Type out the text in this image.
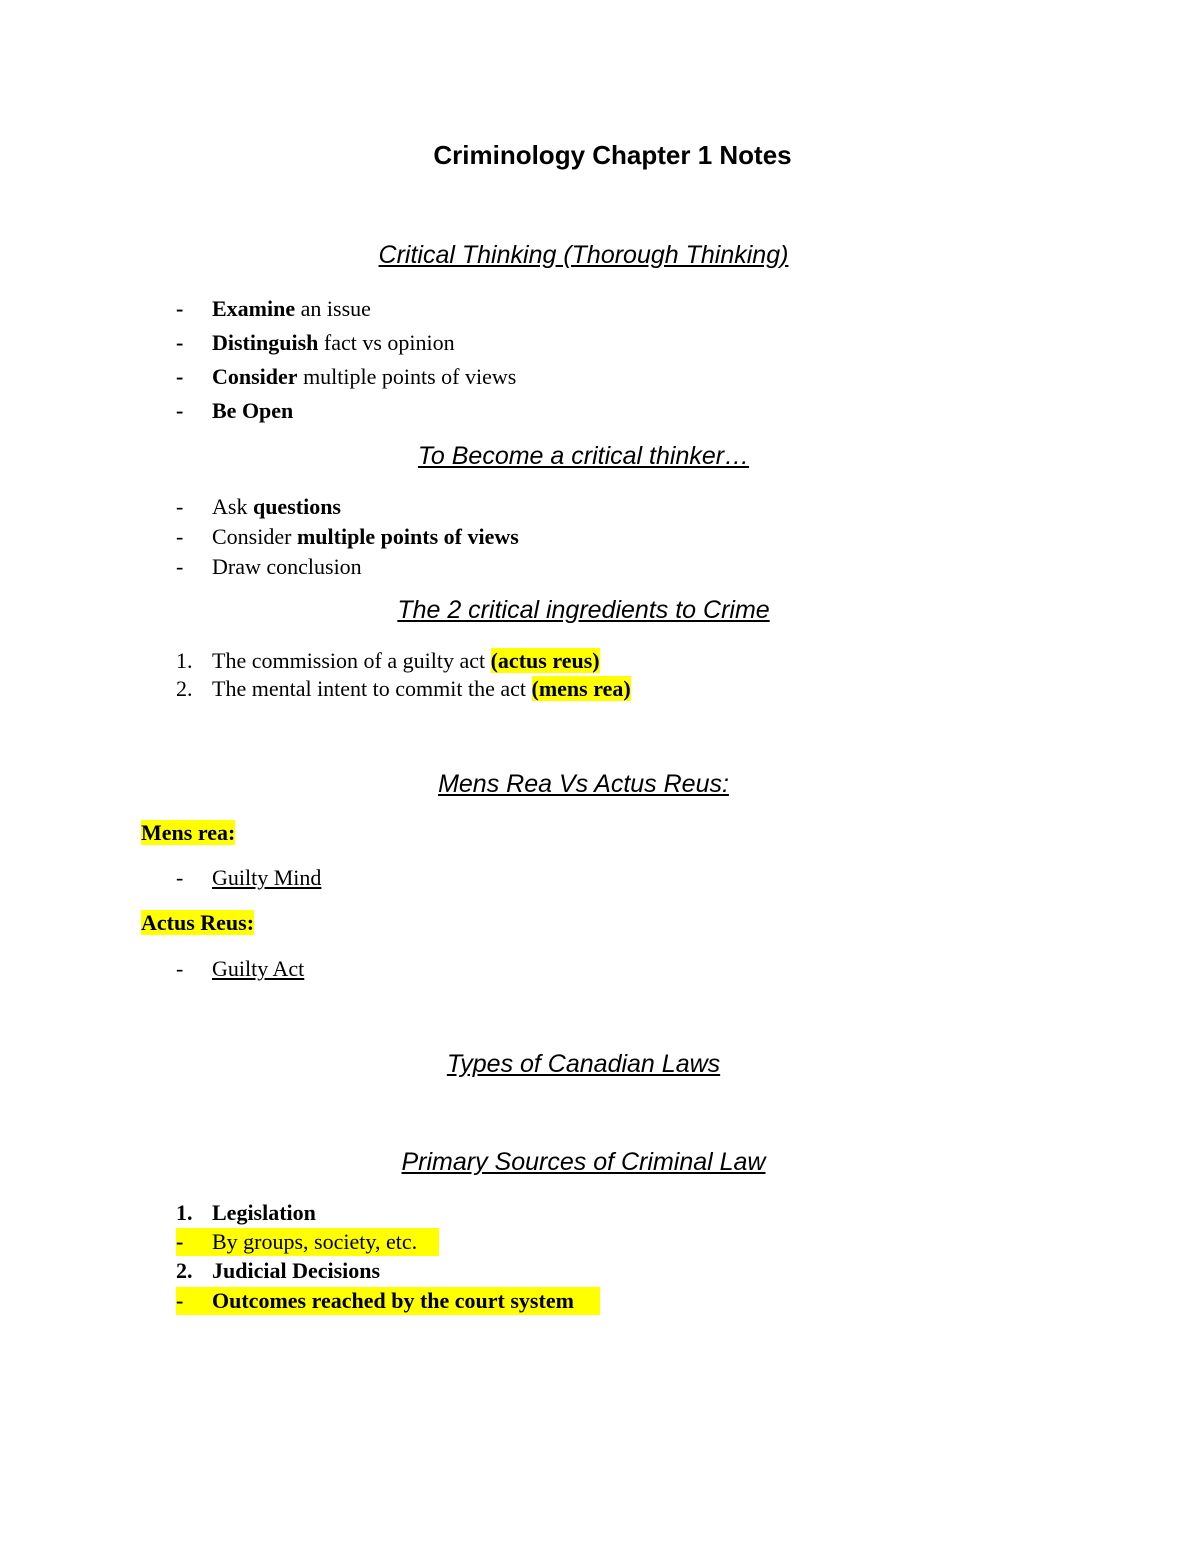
Criminology Chapter 1 Notes
Critical Thinking (Thorough Thinking)
- Examine an issue
- Distinguish fact vs opinion
- Consider multiple points of views
- Be Open
To Become a critical thinker…
- Ask questions
- Consider multiple points of views
- Draw conclusion
The 2 critical ingredients to Crime
1. The commission of a guilty act (actus reus)
2. The mental intent to commit the act (mens rea)
Mens Rea Vs Actus Reus:
Mens rea:
- Guilty Mind
Actus Reus:
- Guilty Act
Types of Canadian Laws
Primary Sources of Criminal Law
1. Legislation
- By groups, society, etc.
2. Judicial Decisions
- Outcomes reached by the court system
